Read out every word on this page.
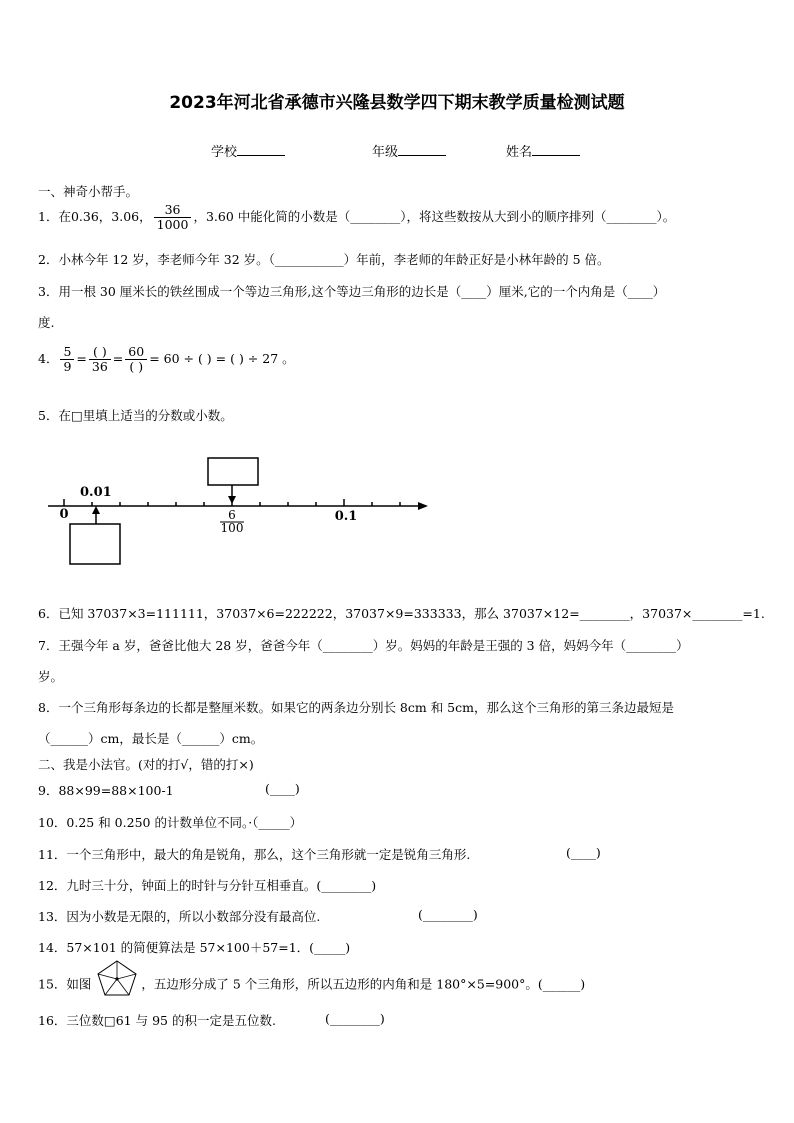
2023年河北省承德市兴隆县数学四下期末教学质量检测试题
学校	年级	姓名
一、神奇小帮手。
1．在0.36，3.06， $\frac{36}{1000}$ ，3.60 中能化简的小数是（________），将这些数按从大到小的顺序排列（________）。
2．小林今年 12 岁，李老师今年 32 岁。（___________）年前，李老师的年龄正好是小林年龄的 5 倍。
3．用一根 30 厘米长的铁丝围成一个等边三角形,这个等边三角形的边长是（____）厘米,它的一个内角是（____）
度.
4． $\frac{5}{9} = \frac{( )}{36} = \frac{60}{( )} = 60$ ÷ ( ) = ( ) ÷ 27 。
5．在□里填上适当的分数或小数。
0.01
0	6
100
0.1
6．已知 37037×3=111111，37037×6=222222，37037×9=333333，那么 37037×12=________，37037×________=1.
7．王强今年 a 岁，爸爸比他大 28 岁，爸爸今年（________）岁。妈妈的年龄是王强的 3 倍，妈妈今年（________）
岁。
8．一个三角形每条边的长都是整厘米数。如果它的两条边分别长 8cm 和 5cm，那么这个三角形的第三条边最短是
（______）cm，最长是（______）cm。
二、我是小法官。(对的打√，错的打×)
9．88×99=88×100-1	(____)
10．0.25 和 0.250 的计数单位不同。·（_____）
11．一个三角形中，最大的角是锐角，那么，这个三角形就一定是锐角三角形.	(____)
12．九时三十分，钟面上的时针与分针互相垂直。(________)
13．因为小数是无限的，所以小数部分没有最高位.	(________)
14．57×101 的简便算法是 57×100＋57=1．(_____)
15．如图	，五边形分成了 5 个三角形，所以五边形的内角和是 180°×5=900°。(______)
16．三位数□61 与 95 的积一定是五位数.	(________)
